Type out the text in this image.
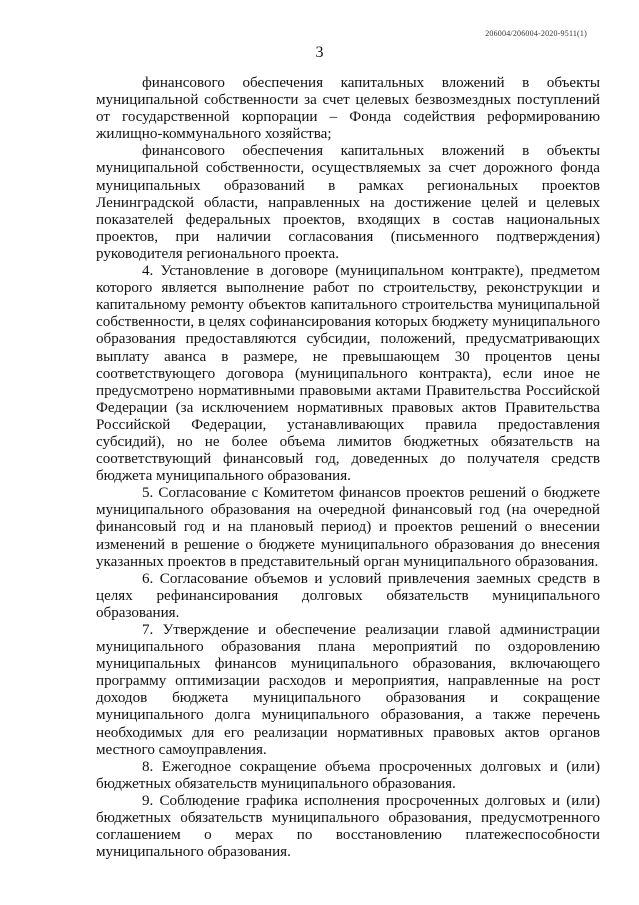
206004/206004-2020-9511(1)
3

финансового обеспечения капитальных вложений в объекты муниципальной собственности за счет целевых безвозмездных поступлений от государственной корпорации – Фонда содействия реформированию жилищно-коммунального хозяйства;

финансового обеспечения капитальных вложений в объекты муниципальной собственности, осуществляемых за счет дорожного фонда муниципальных образований в рамках региональных проектов Ленинградской области, направленных на достижение целей и целевых показателей федеральных проектов, входящих в состав национальных проектов, при наличии согласования (письменного подтверждения) руководителя регионального проекта.

4. Установление в договоре (муниципальном контракте), предметом которого является выполнение работ по строительству, реконструкции и капитальному ремонту объектов капитального строительства муниципальной собственности, в целях софинансирования которых бюджету муниципального образования предоставляются субсидии, положений, предусматривающих выплату аванса в размере, не превышающем 30 процентов цены соответствующего договора (муниципального контракта), если иное не предусмотрено нормативными правовыми актами Правительства Российской Федерации (за исключением нормативных правовых актов Правительства Российской Федерации, устанавливающих правила предоставления субсидий), но не более объема лимитов бюджетных обязательств на соответствующий финансовый год, доведенных до получателя средств бюджета муниципального образования.

5. Согласование с Комитетом финансов проектов решений о бюджете муниципального образования на очередной финансовый год (на очередной финансовый год и на плановый период) и проектов решений о внесении изменений в решение о бюджете муниципального образования до внесения указанных проектов в представительный орган муниципального образования.

6. Согласование объемов и условий привлечения заемных средств в целях рефинансирования долговых обязательств муниципального образования.

7. Утверждение и обеспечение реализации главой администрации муниципального образования плана мероприятий по оздоровлению муниципальных финансов муниципального образования, включающего программу оптимизации расходов и мероприятия, направленные на рост доходов бюджета муниципального образования и сокращение муниципального долга муниципального образования, а также перечень необходимых для его реализации нормативных правовых актов органов местного самоуправления.

8. Ежегодное сокращение объема просроченных долговых и (или) бюджетных обязательств муниципального образования.

9. Соблюдение графика исполнения просроченных долговых и (или) бюджетных обязательств муниципального образования, предусмотренного соглашением о мерах по восстановлению платежеспособности муниципального образования.
